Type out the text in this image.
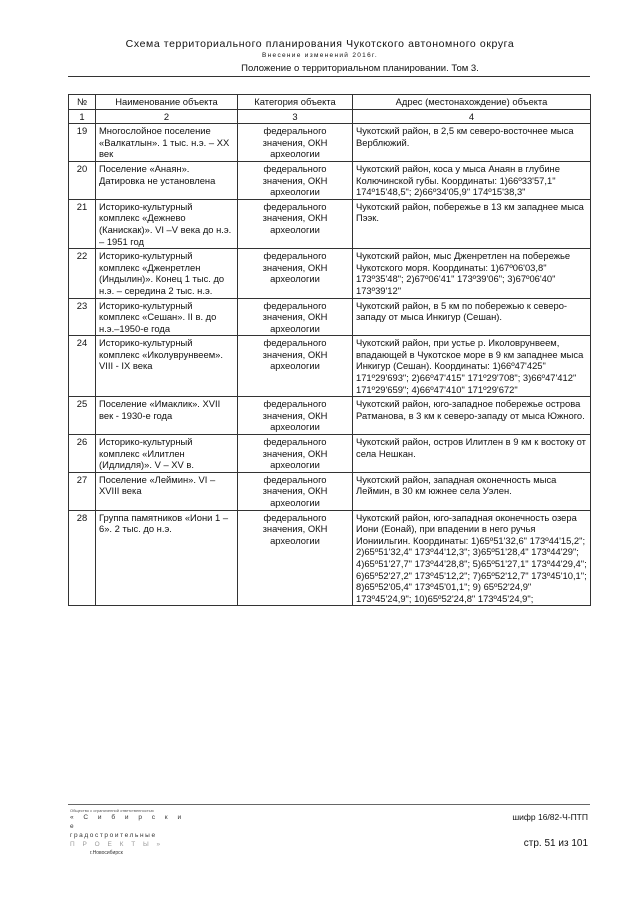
Схема территориального планирования Чукотского автономного округа
Внесение изменений 2016г.
Положение о территориальном планировании. Том 3.
№	Наименование объекта	Категория объекта	Адрес (местонахождение) объекта
1	2	3	4
19	Многослойное поселение «Валкатлын». 1 тыс. н.э. – XX век	федерального значения, ОКН археологии	Чукотский район, в 2,5 км северо-восточнее мыса Верблюжий.
20	Поселение «Анаян». Датировка не установлена	федерального значения, ОКН археологии	Чукотский район, коса у мыса Анаян в глубине Колючинской губы. Координаты: 1)66º33'57,1" 174º15'48,5"; 2)66º34'05,9" 174º15'38,3"
21	Историко-культурный комплекс «Дежнево (Канискак)». VI –V века до н.э. – 1951 год	федерального значения, ОКН археологии	Чукотский район, побережье в 13 км западнее мыса Пээк.
22	Историко-культурный комплекс «Дженретлен (Индылин)». Конец 1 тыс. до н.э. – середина 2 тыс. н.э.	федерального значения, ОКН археологии	Чукотский район, мыс Дженретлен на побережье Чукотского моря. Координаты: 1)67º06'03,8" 173º35'48"; 2)67º06'41" 173º39'06"; 3)67º06'40" 173º39'12"
23	Историко-культурный комплекс «Сешан». II в. до н.э.–1950-е года	федерального значения, ОКН археологии	Чукотский район, в 5 км по побережью к северо-западу от мыса Инкигур (Сешан).
24	Историко-культурный комплекс «Иколуврунвеем». VIII - IX века	федерального значения, ОКН археологии	Чукотский район, при устье р. Иколоврунвеем, впадающей в Чукотское море в 9 км западнее мыса Инкигур (Сешан). Координаты: 1)66º47'425" 171º29'693"; 2)66º47'415" 171º29'708"; 3)66º47'412" 171º29'659"; 4)66º47'410" 171º29'672"
25	Поселение «Имаклик». XVII век - 1930-е года	федерального значения, ОКН археологии	Чукотский район, юго-западное побережье острова Ратманова, в 3 км к северо-западу от мыса Южного.
26	Историко-культурный комплекс «Илитлен (Идлидля)». V – XV в.	федерального значения, ОКН археологии	Чукотский район, остров Илитлен в 9 км к востоку от села Нешкан.
27	Поселение «Леймин». VI – XVIII века	федерального значения, ОКН археологии	Чукотский район, западная оконечность мыса Леймин, в 30 км южнее села Уэлен.
28	Группа памятников «Иони 1 – 6». 2 тыс. до н.э.	федерального значения, ОКН археологии	Чукотский район, юго-западная оконечность озера Иони (Еонай), при впадении в него ручья Иониильгин. Координаты: 1)65º51'32,6" 173º44'15,2"; 2)65º51'32,4" 173º44'12,3"; 3)65º51'28,4" 173º44'29"; 4)65º51'27,7" 173º44'28,8"; 5)65º51'27,1" 173º44'29,4"; 6)65º52'27,2" 173º45'12,2"; 7)65º52'12,7" 173º45'10,1"; 8)65º52'05,4" 173º45'01,1"; 9) 65º52'24,9" 173º45'24,9"; 10)65º52'24,8" 173º45'24,9";
Общество с ограниченной ответственностью
« С и б и р с к и е
градостроительные
П Р О Е К Т Ы »
г.Новосибирск
шифр 16/82-Ч-ПТП
стр. 51 из 101
